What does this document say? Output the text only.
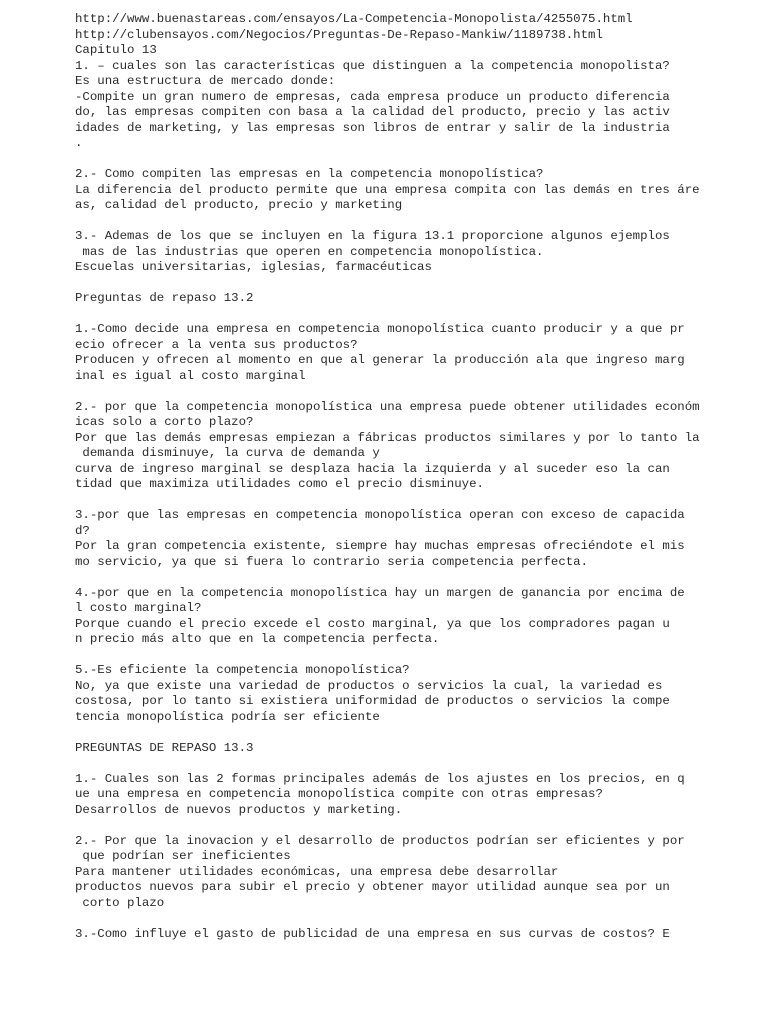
http://www.buenastareas.com/ensayos/La-Competencia-Monopolista/4255075.html
http://clubensayos.com/Negocios/Preguntas-De-Repaso-Mankiw/1189738.html
Capitulo 13
1. – cuales son las características que distinguen a la competencia monopolista?
Es una estructura de mercado donde:
-Compite un gran numero de empresas, cada empresa produce un producto diferencia
do, las empresas compiten con basa a la calidad del producto, precio y las activ
idades de marketing, y las empresas son libros de entrar y salir de la industria
.
2.- Como compiten las empresas en la competencia monopolística?
La diferencia del producto permite que una empresa compita con las demás en tres áre
as, calidad del producto, precio y marketing
3.- Ademas de los que se incluyen en la figura 13.1 proporcione algunos ejemplos
mas de las industrias que operen en competencia monopolística.
Escuelas universitarias, iglesias, farmacéuticas
Preguntas de repaso 13.2
1.-Como decide una empresa en competencia monopolística cuanto producir y a que pr
ecio ofrecer a la venta sus productos?
Producen y ofrecen al momento en que al generar la producción ala que ingreso marg
inal es igual al costo marginal
2.- por que la competencia monopolística una empresa puede obtener utilidades económ
icas solo a corto plazo?
Por que las demás empresas empiezan a fábricas productos similares y por lo tanto la
demanda disminuye, la curva de demanda y
curva de ingreso marginal se desplaza hacia la izquierda y al suceder eso la can
tidad que maximiza utilidades como el precio disminuye.
3.-por que las empresas en competencia monopolística operan con exceso de capacida
d?
Por la gran competencia existente, siempre hay muchas empresas ofreciéndote el mis
mo servicio, ya que si fuera lo contrario seria competencia perfecta.
4.-por que en la competencia monopolística hay un margen de ganancia por encima de
l costo marginal?
Porque cuando el precio excede el costo marginal, ya que los compradores pagan u
n precio más alto que en la competencia perfecta.
5.-Es eficiente la competencia monopolística?
No, ya que existe una variedad de productos o servicios la cual, la variedad es
costosa, por lo tanto si existiera uniformidad de productos o servicios la compe
tencia monopolística podría ser eficiente
PREGUNTAS DE REPASO 13.3
1.- Cuales son las 2 formas principales además de los ajustes en los precios, en q
ue una empresa en competencia monopolística compite con otras empresas?
Desarrollos de nuevos productos y marketing.
2.- Por que la inovacion y el desarrollo de productos podrían ser eficientes y por
que podrían ser ineficientes
Para mantener utilidades económicas, una empresa debe desarrollar
productos nuevos para subir el precio y obtener mayor utilidad aunque sea por un
corto plazo
3.-Como influye el gasto de publicidad de una empresa en sus curvas de costos? E
